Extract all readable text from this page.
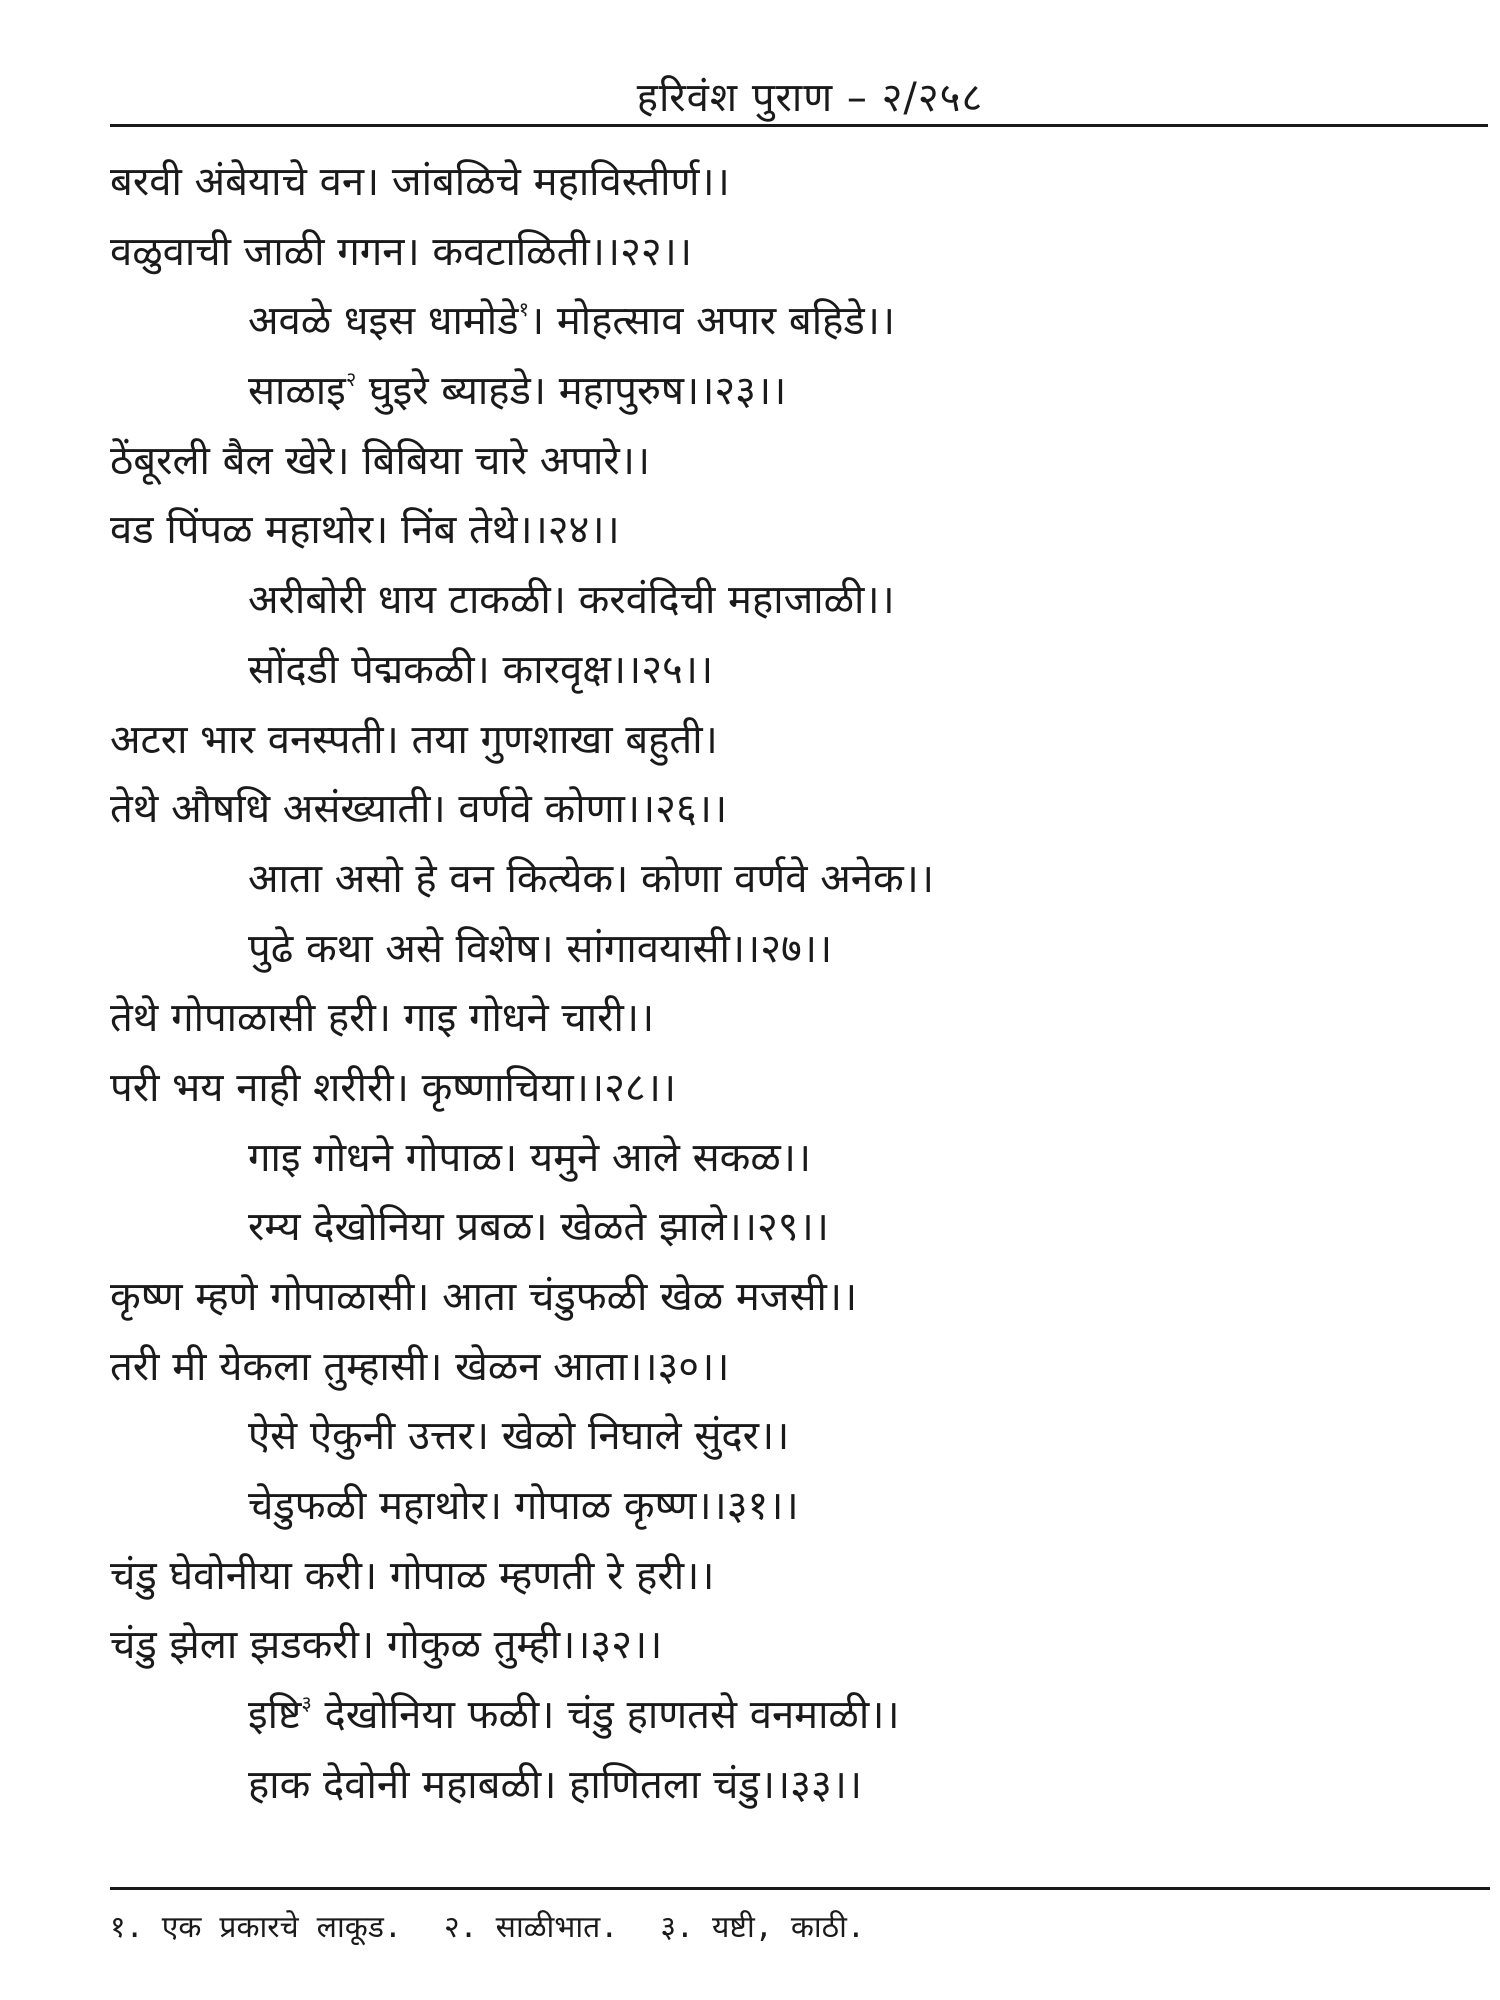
हरिवंश पुराण – २/२५८
बरवी अंबेयाचे वन। जांबळिचे महाविस्तीर्ण।।
वळुवाची जाळी गगन। कवटाळिती।।२२।।
अवळे धइस धामोडे$^१$। मोहत्साव अपार बहिडे।।
साळाइ$^२$ घुइरे ब्याहडे। महापुरुष।।२३।।
ठेंबूरली बैल खेरे। बिबिया चारे अपारे।।
वड पिंपळ महाथोर। निंब तेथे।।२४।।
अरीबोरी धाय टाकळी। करवंदिची महाजाळी।।
सोंदडी पेद्मकळी। कारवृक्ष।।२५।।
अटरा भार वनस्पती। तया गुणशाखा बहुती।
तेथे औषधि असंख्याती। वर्णवे कोणा।।२६।।
आता असो हे वन कित्येक। कोणा वर्णवे अनेक।।
पुढे कथा असे विशेष। सांगावयासी।।२७।।
तेथे गोपाळासी हरी। गाइ गोधने चारी।।
परी भय नाही शरीरी। कृष्णाचिया।।२८।।
गाइ गोधने गोपाळ। यमुने आले सकळ।।
रम्य देखोनिया प्रबळ। खेळते झाले।।२९।।
कृष्ण म्हणे गोपाळासी। आता चंडुफळी खेळ मजसी।।
तरी मी येकला तुम्हासी। खेळन आता।।३०।।
ऐसे ऐकुनी उत्तर। खेळो निघाले सुंदर।।
चेडुफळी महाथोर। गोपाळ कृष्ण।।३१।।
चंडु घेवोनीया करी। गोपाळ म्हणती रे हरी।।
चंडु झेला झडकरी। गोकुळ तुम्ही।।३२।।
इष्टि$^३$ देखोनिया फळी। चंडु हाणतसे वनमाळी।।
हाक देवोनी महाबळी। हाणितला चंडु।।३३।।
१. एक प्रकारचे लाकूड. २. साळीभात. ३. यष्टी, काठी.
